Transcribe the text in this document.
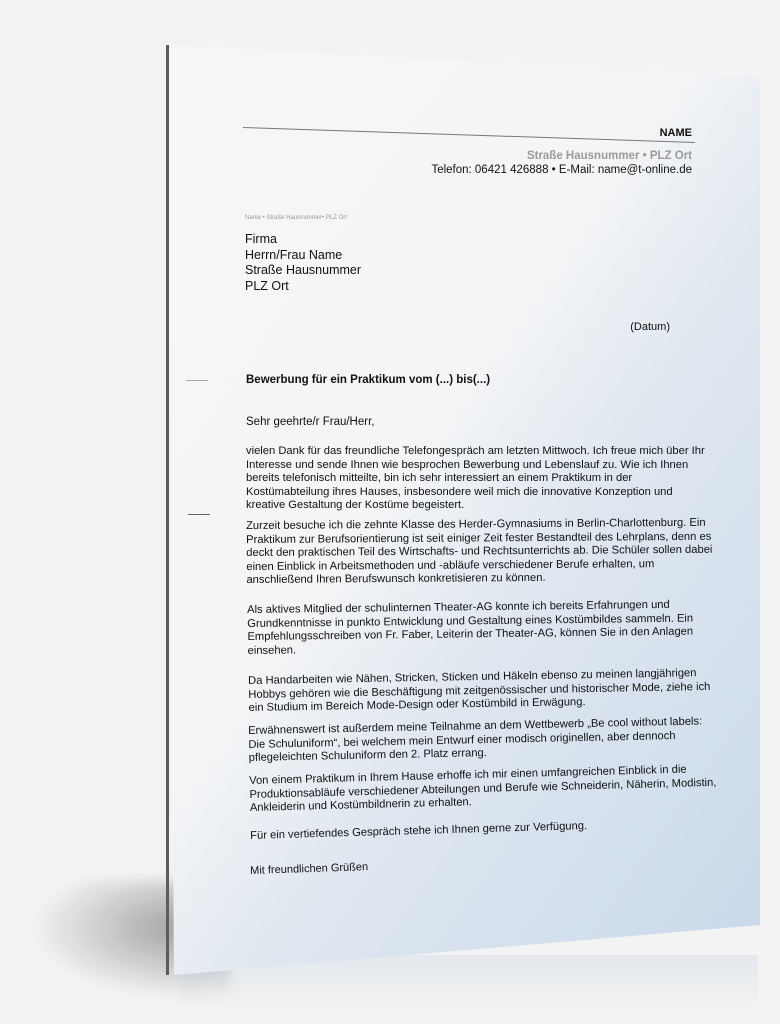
NAME
Straße Hausnummer • PLZ Ort
Telefon: 06421 426888 • E-Mail: name@t-online.de
Name • Straße Hausnummer• PLZ Ort
Firma
Herrn/Frau Name
Straße Hausnummer
PLZ Ort
(Datum)
Bewerbung für ein Praktikum vom (...) bis(...)
Sehr geehrte/r Frau/Herr,
vielen Dank für das freundliche Telefongespräch am letzten Mittwoch. Ich freue mich über Ihr Interesse und sende Ihnen wie besprochen Bewerbung und Lebenslauf zu. Wie ich Ihnen bereits telefonisch mitteilte, bin ich sehr interessiert an einem Praktikum in der Kostümabteilung ihres Hauses, insbesondere weil mich die innovative Konzeption und kreative Gestaltung der Kostüme begeistert.
Zurzeit besuche ich die zehnte Klasse des Herder-Gymnasiums in Berlin-Charlottenburg. Ein Praktikum zur Berufsorientierung ist seit einiger Zeit fester Bestandteil des Lehrplans, denn es deckt den praktischen Teil des Wirtschafts- und Rechtsunterrichts ab. Die Schüler sollen dabei einen Einblick in Arbeitsmethoden und -abläufe verschiedener Berufe erhalten, um anschließend Ihren Berufswunsch konkretisieren zu können.
Als aktives Mitglied der schulinternen Theater-AG konnte ich bereits Erfahrungen und Grundkenntnisse in punkto Entwicklung und Gestaltung eines Kostümbildes sammeln. Ein Empfehlungsschreiben von Fr. Faber, Leiterin der Theater-AG, können Sie in den Anlagen einsehen.
Da Handarbeiten wie Nähen, Stricken, Sticken und Häkeln ebenso zu meinen langjährigen Hobbys gehören wie die Beschäftigung mit zeitgenössischer und historischer Mode, ziehe ich ein Studium im Bereich Mode-Design oder Kostümbild in Erwägung.
Erwähnenswert ist außerdem meine Teilnahme an dem Wettbewerb „Be cool without labels: Die Schuluniform“, bei welchem mein Entwurf einer modisch originellen, aber dennoch pflegeleichten Schuluniform den 2. Platz errang.
Von einem Praktikum in Ihrem Hause erhoffe ich mir einen umfangreichen Einblick in die Produktionsabläufe verschiedener Abteilungen und Berufe wie Schneiderin, Näherin, Modistin, Ankleiderin und Kostümbildnerin zu erhalten.
Für ein vertiefendes Gespräch stehe ich Ihnen gerne zur Verfügung.
Mit freundlichen Grüßen
